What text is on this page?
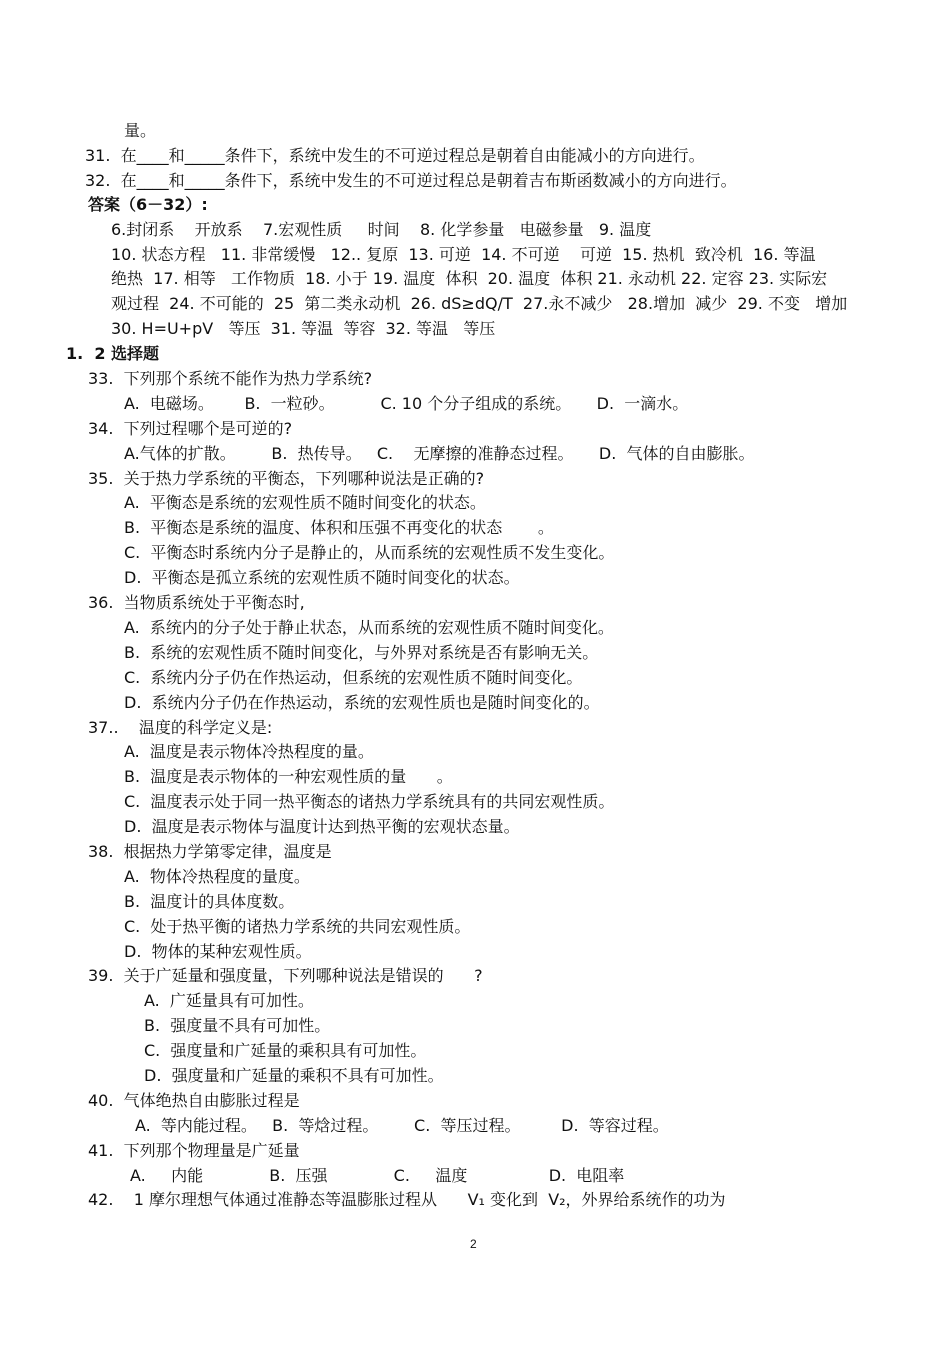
量。
31.  在____和_____条件下，系统中发生的不可逆过程总是朝着自由能减小的方向进行。
32.  在____和_____条件下，系统中发生的不可逆过程总是朝着吉布斯函数减小的方向进行。
答案（6－32）:
6.封闭系    开放系    7.宏观性质     时间    8. 化学参量   电磁参量   9. 温度
10. 状态方程   11. 非常缓慢   12.. 复原  13. 可逆  14. 不可逆    可逆  15. 热机  致冷机  16. 等温
绝热  17. 相等   工作物质  18. 小于 19. 温度  体积  20. 温度  体积 21. 永动机 22. 定容 23. 实际宏
观过程  24. 不可能的  25  第二类永动机  26. dS≥dQ/T  27.永不减少   28.增加  减少  29. 不变   增加
30. H=U+pV   等压  31. 等温  等容  32. 等温   等压
1.  2 选择题
33.  下列那个系统不能作为热力学系统?
A.  电磁场。      B.  一粒砂。         C. 10 个分子组成的系统。     D.  一滴水。
34.  下列过程哪个是可逆的?
A.气体的扩散。       B.  热传导。   C.    无摩擦的准静态过程。     D.  气体的自由膨胀。
35.  关于热力学系统的平衡态，下列哪种说法是正确的?
A.  平衡态是系统的宏观性质不随时间变化的状态。
B.  平衡态是系统的温度、体积和压强不再变化的状态       。
C.  平衡态时系统内分子是静止的，从而系统的宏观性质不发生变化。
D.  平衡态是孤立系统的宏观性质不随时间变化的状态。
36.  当物质系统处于平衡态时,
A.  系统内的分子处于静止状态，从而系统的宏观性质不随时间变化。
B.  系统的宏观性质不随时间变化，与外界对系统是否有影响无关。
C.  系统内分子仍在作热运动，但系统的宏观性质不随时间变化。
D.  系统内分子仍在作热运动，系统的宏观性质也是随时间变化的。
37..    温度的科学定义是:
A.  温度是表示物体冷热程度的量。
B.  温度是表示物体的一种宏观性质的量      。
C.  温度表示处于同一热平衡态的诸热力学系统具有的共同宏观性质。
D.  温度是表示物体与温度计达到热平衡的宏观状态量。
38.  根据热力学第零定律，温度是
A.  物体冷热程度的量度。
B.  温度计的具体度数。
C.  处于热平衡的诸热力学系统的共同宏观性质。
D.  物体的某种宏观性质。
39.  关于广延量和强度量，下列哪种说法是错误的      ?
A.  广延量具有可加性。
B.  强度量不具有可加性。
C.  强度量和广延量的乘积具有可加性。
D.  强度量和广延量的乘积不具有可加性。
40.  气体绝热自由膨胀过程是
A.  等内能过程。   B.  等焓过程。       C.  等压过程。        D.  等容过程。
41.  下列那个物理量是广延量
A.     内能             B.  压强             C.     温度                D.  电阻率
42.    1 摩尔理想气体通过准静态等温膨胀过程从      V₁ 变化到  V₂，外界给系统作的功为
2
